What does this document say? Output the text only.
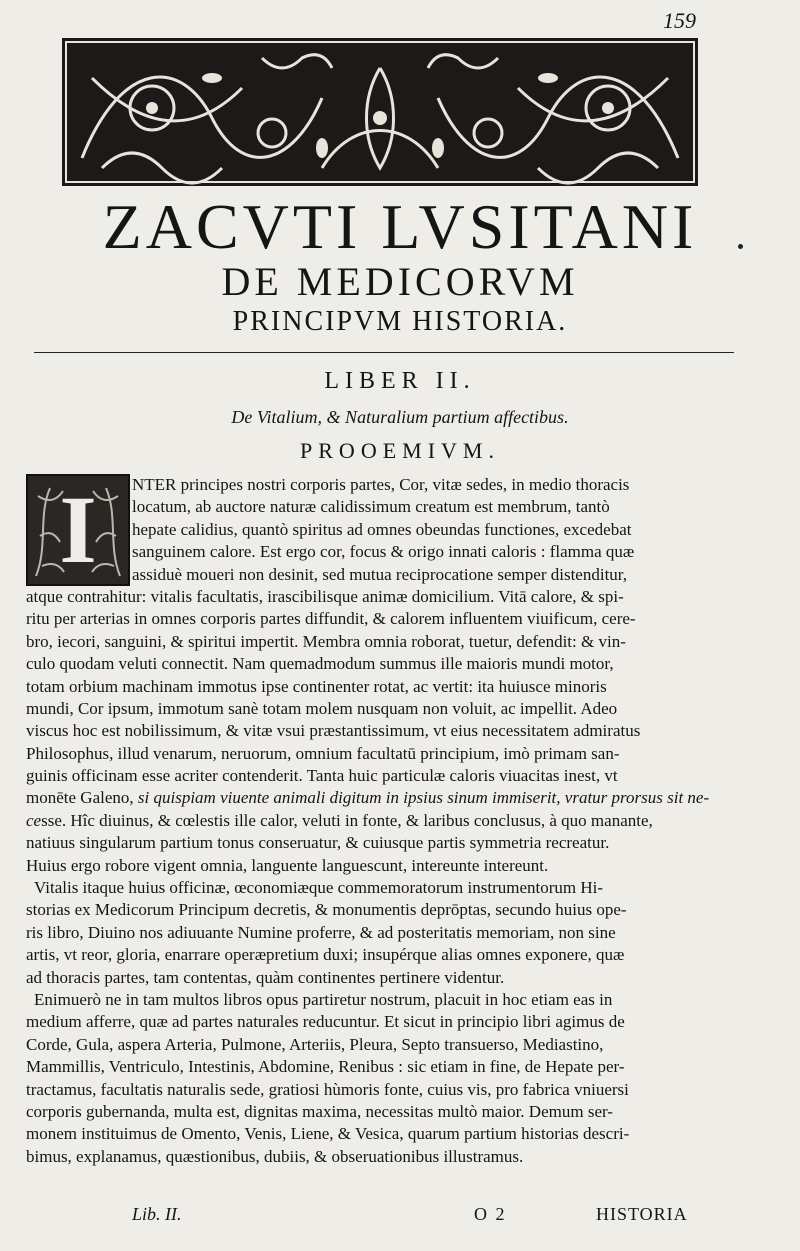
159
ZACVTI LVSITANI
DE MEDICORVM
PRINCIPVM HISTORIA.
LIBER II.
De Vitalium, & Naturalium partium affectibus.
PROOEMIVM.
NTER principes nostri corporis partes, Cor, vitæ sedes, in medio thoracis
locatum, ab auctore naturæ calidissimum creatum est membrum, tantò
hepate calidius, quantò spiritus ad omnes obeundas functiones, excedebat
sanguinem calore. Est ergo cor, focus & origo innati caloris : flamma quæ
assiduè moueri non desinit, sed mutua reciprocatione semper distenditur,
atque contrahitur: vitalis facultatis, irascibilisque animæ domicilium. Vitā calore, & spi-
ritu per arterias in omnes corporis partes diffundit, & calorem influentem viuificum, cere-
bro, iecori, sanguini, & spiritui impertit. Membra omnia roborat, tuetur, defendit: & vin-
culo quodam veluti connectit. Nam quemadmodum summus ille maioris mundi motor,
totam orbium machinam immotus ipse continenter rotat, ac vertit: ita huiusce minoris
mundi, Cor ipsum, immotum sanè totam molem nusquam non voluit, ac impellit. Adeo
viscus hoc est nobilissimum, & vitæ vsui præstantissimum, vt eius necessitatem admiratus
Philosophus, illud venarum, neruorum, omnium facultatū principium, imò primam san-
guinis officinam esse acriter contenderit. Tanta huic particulæ caloris viuacitas inest, vt
monēte Galeno, si quispiam viuente animali digitum in ipsius sinum immiserit, vratur prorsus sit ne-
cesse. Hîc diuinus, & cœlestis ille calor, veluti in fonte, & laribus conclusus, à quo manante,
natiuus singularum partium tonus conseruatur, & cuiusque partis symmetria recreatur.
Huius ergo robore vigent omnia, languente languescunt, intereunte intereunt.
Vitalis itaque huius officinæ, œconomiæque commemoratorum instrumentorum Hi-
storias ex Medicorum Principum decretis, & monumentis deprōptas, secundo huius ope-
ris libro, Diuino nos adiuuante Numine proferre, & ad posteritatis memoriam, non sine
artis, vt reor, gloria, enarrare operæpretium duxi; insupérque alias omnes exponere, quæ
ad thoracis partes, tam contentas, quàm continentes pertinere videntur.
Enimuerò ne in tam multos libros opus partiretur nostrum, placuit in hoc etiam eas in
medium afferre, quæ ad partes naturales reducuntur. Et sicut in principio libri agimus de
Corde, Gula, aspera Arteria, Pulmone, Arteriis, Pleura, Septo transuerso, Mediastino,
Mammillis, Ventriculo, Intestinis, Abdomine, Renibus : sic etiam in fine, de Hepate per-
tractamus, facultatis naturalis sede, gratiosi hùmoris fonte, cuius vis, pro fabrica vniuersi
corporis gubernanda, multa est, dignitas maxima, necessitas multò maior. Demum ser-
monem instituimus de Omento, Venis, Liene, & Vesica, quarum partium historias descri-
bimus, explanamus, quæstionibus, dubiis, & obseruationibus illustramus.
I
Lib. II.	O 2	HISTORIA
